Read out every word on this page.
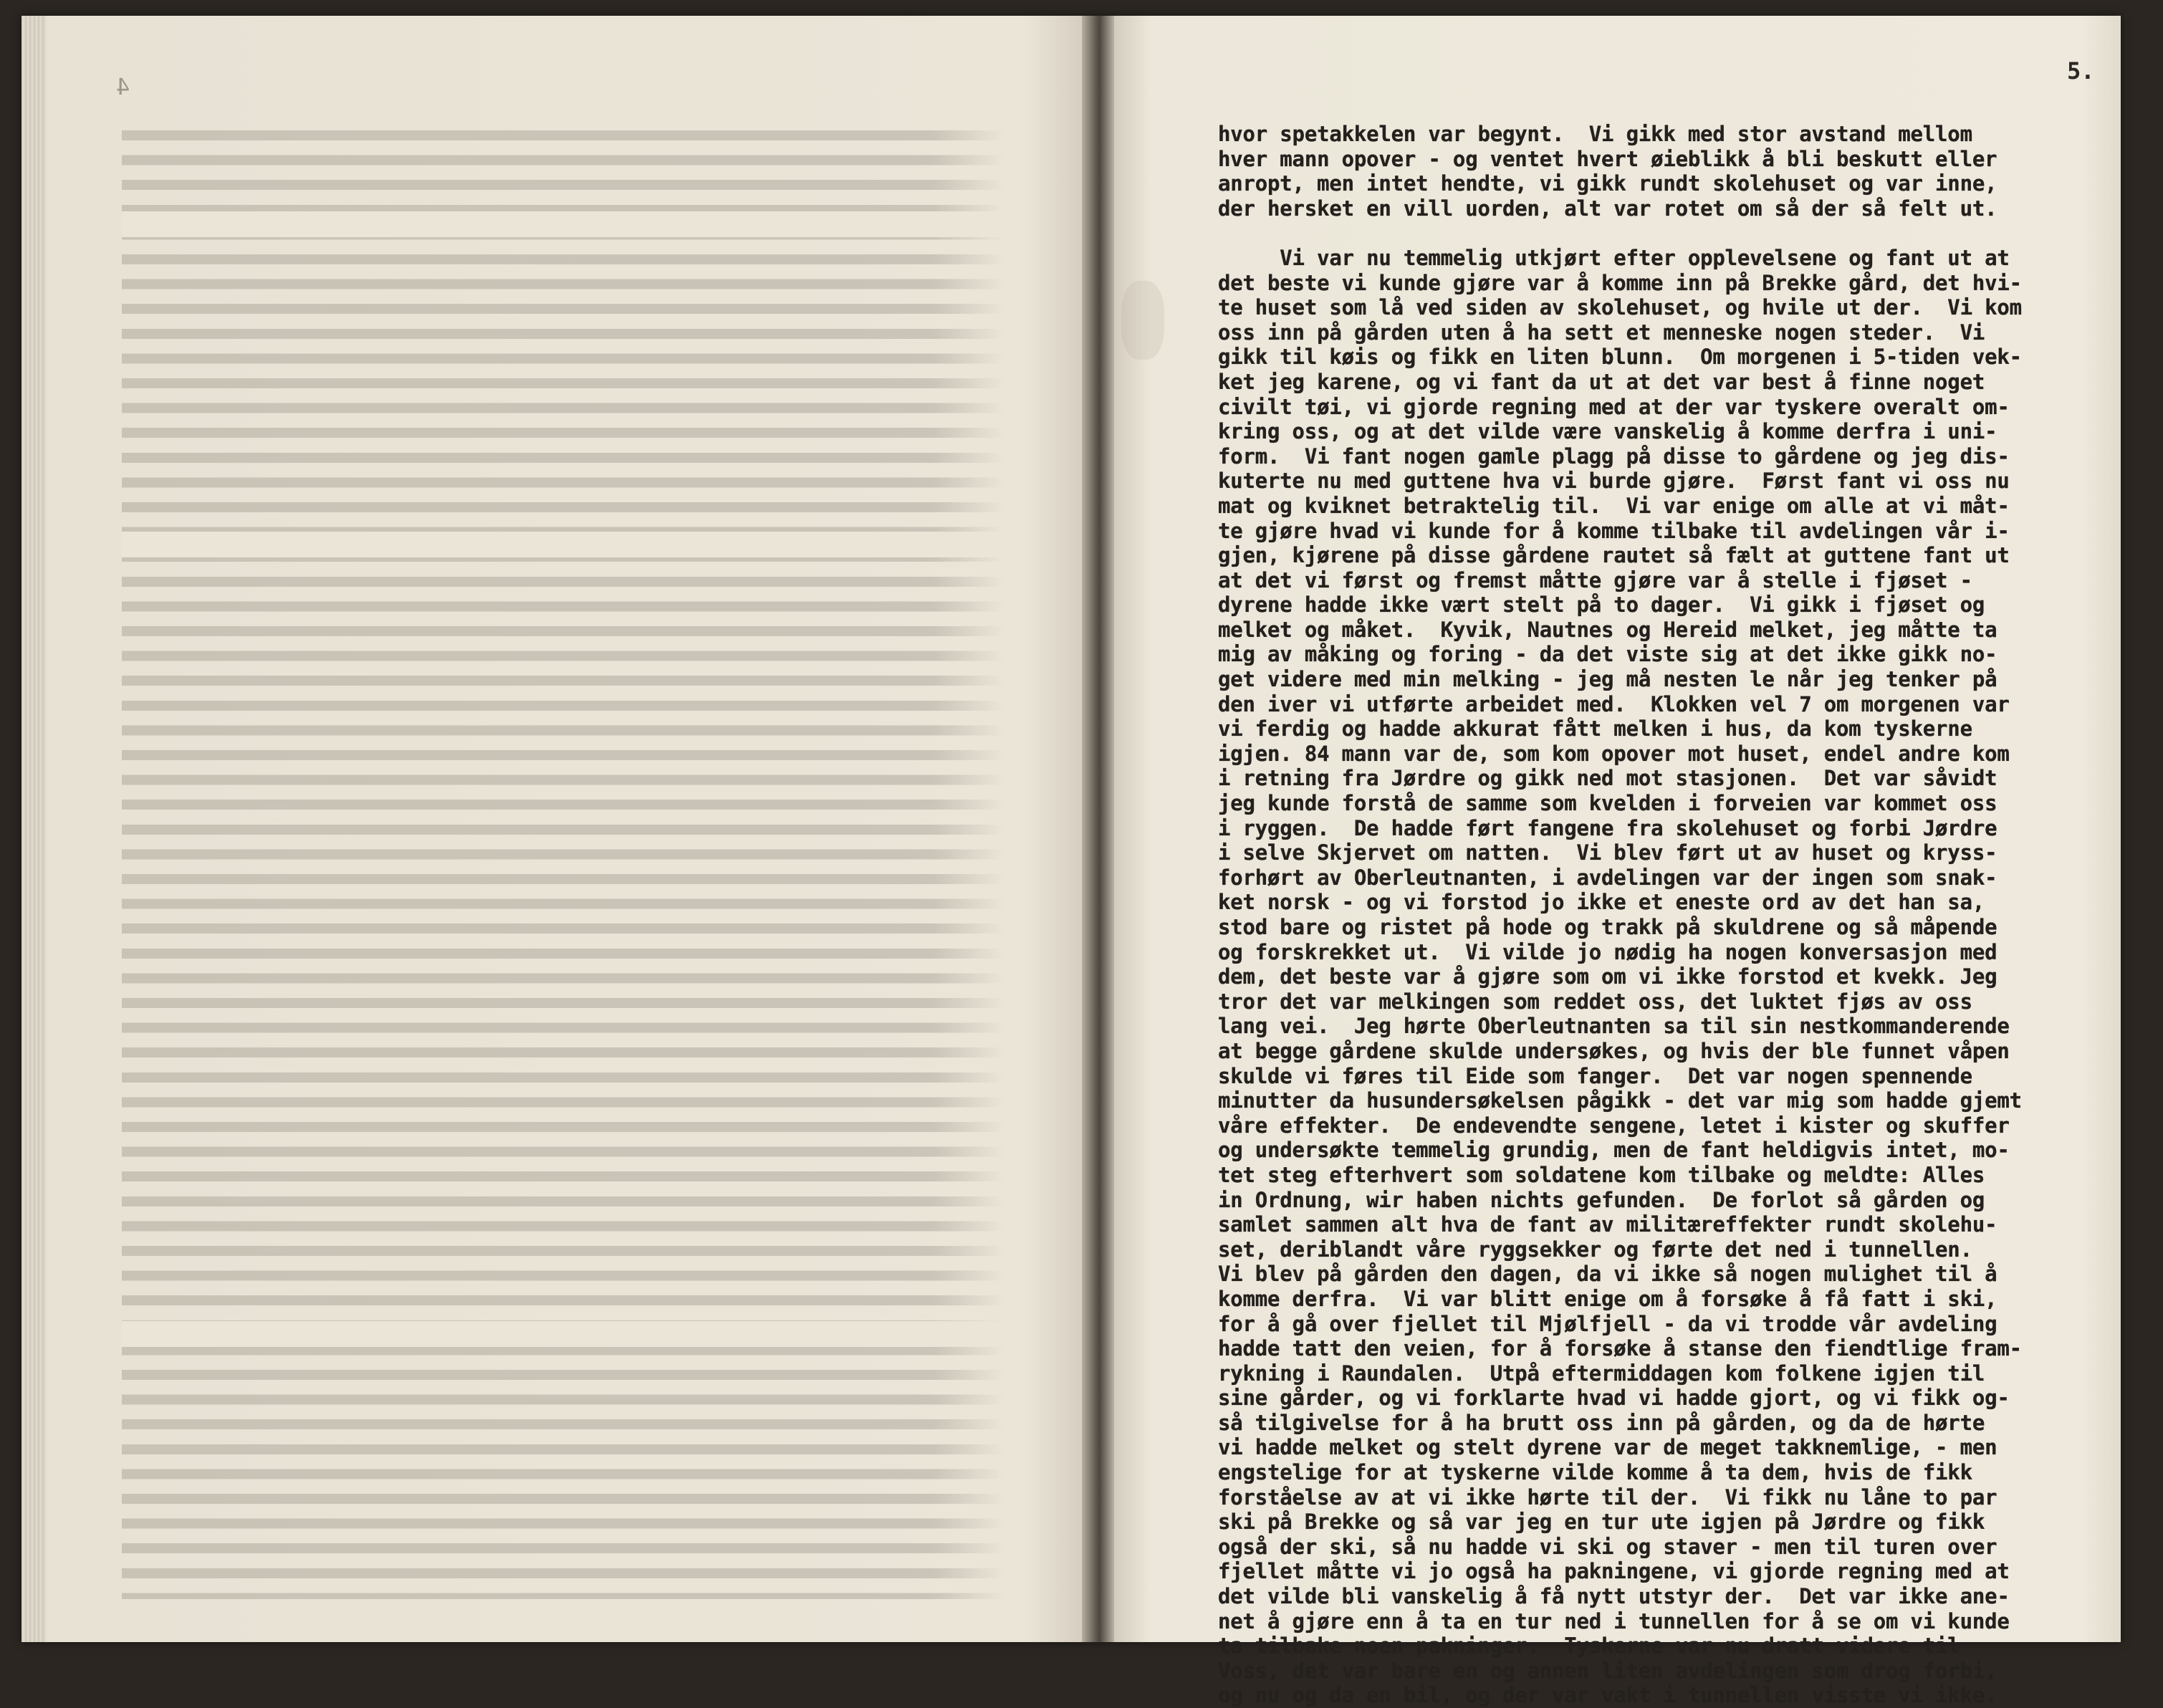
4
5.
hvor spetakkelen var begynt.  Vi gikk med stor avstand mellom
hver mann opover - og ventet hvert øieblikk å bli beskutt eller
anropt, men intet hendte, vi gikk rundt skolehuset og var inne,
der hersket en vill uorden, alt var rotet om så der så felt ut.
Vi var nu temmelig utkjørt efter opplevelsene og fant ut at
det beste vi kunde gjøre var å komme inn på Brekke gård, det hvi-
te huset som lå ved siden av skolehuset, og hvile ut der.  Vi kom
oss inn på gården uten å ha sett et menneske nogen steder.  Vi
gikk til køis og fikk en liten blunn.  Om morgenen i 5-tiden vek-
ket jeg karene, og vi fant da ut at det var best å finne noget
civilt tøi, vi gjorde regning med at der var tyskere overalt om-
kring oss, og at det vilde være vanskelig å komme derfra i uni-
form.  Vi fant nogen gamle plagg på disse to gårdene og jeg dis-
kuterte nu med guttene hva vi burde gjøre.  Først fant vi oss nu
mat og kviknet betraktelig til.  Vi var enige om alle at vi måt-
te gjøre hvad vi kunde for å komme tilbake til avdelingen vår i-
gjen, kjørene på disse gårdene rautet så fælt at guttene fant ut
at det vi først og fremst måtte gjøre var å stelle i fjøset -
dyrene hadde ikke vært stelt på to dager.  Vi gikk i fjøset og
melket og måket.  Kyvik, Nautnes og Hereid melket, jeg måtte ta
mig av måking og foring - da det viste sig at det ikke gikk no-
get videre med min melking - jeg må nesten le når jeg tenker på
den iver vi utførte arbeidet med.  Klokken vel 7 om morgenen var
vi ferdig og hadde akkurat fått melken i hus, da kom tyskerne
igjen. 84 mann var de, som kom opover mot huset, endel andre kom
i retning fra Jørdre og gikk ned mot stasjonen.  Det var såvidt
jeg kunde forstå de samme som kvelden i forveien var kommet oss
i ryggen.  De hadde ført fangene fra skolehuset og forbi Jørdre
i selve Skjervet om natten.  Vi blev ført ut av huset og kryss-
forhørt av Oberleutnanten, i avdelingen var der ingen som snak-
ket norsk - og vi forstod jo ikke et eneste ord av det han sa,
stod bare og ristet på hode og trakk på skuldrene og så måpende
og forskrekket ut.  Vi vilde jo nødig ha nogen konversasjon med
dem, det beste var å gjøre som om vi ikke forstod et kvekk. Jeg
tror det var melkingen som reddet oss, det luktet fjøs av oss
lang vei.  Jeg hørte Oberleutnanten sa til sin nestkommanderende
at begge gårdene skulde undersøkes, og hvis der ble funnet våpen
skulde vi føres til Eide som fanger.  Det var nogen spennende
minutter da husundersøkelsen pågikk - det var mig som hadde gjemt
våre effekter.  De endevendte sengene, letet i kister og skuffer
og undersøkte temmelig grundig, men de fant heldigvis intet, mo-
tet steg efterhvert som soldatene kom tilbake og meldte: Alles
in Ordnung, wir haben nichts gefunden.  De forlot så gården og
samlet sammen alt hva de fant av militæreffekter rundt skolehu-
set, deriblandt våre ryggsekker og førte det ned i tunnellen.
Vi blev på gården den dagen, da vi ikke så nogen mulighet til å
komme derfra.  Vi var blitt enige om å forsøke å få fatt i ski,
for å gå over fjellet til Mjølfjell - da vi trodde vår avdeling
hadde tatt den veien, for å forsøke å stanse den fiendtlige fram-
rykning i Raundalen.  Utpå eftermiddagen kom folkene igjen til
sine gårder, og vi forklarte hvad vi hadde gjort, og vi fikk og-
så tilgivelse for å ha brutt oss inn på gården, og da de hørte
vi hadde melket og stelt dyrene var de meget takknemlige, - men
engstelige for at tyskerne vilde komme å ta dem, hvis de fikk
forståelse av at vi ikke hørte til der.  Vi fikk nu låne to par
ski på Brekke og så var jeg en tur ute igjen på Jørdre og fikk
også der ski, så nu hadde vi ski og staver - men til turen over
fjellet måtte vi jo også ha pakningene, vi gjorde regning med at
det vilde bli vanskelig å få nytt utstyr der.  Det var ikke ane-
net å gjøre enn å ta en tur ned i tunnellen for å se om vi kunde
ta tilbake noen pakninger.  Tyskerne var nu dratt videre til
Voss, det var bare en og annen liten avdelingen som drog forbi,
og nu og da en bil, og der var vakt i tunnellen visste vi ikke.
